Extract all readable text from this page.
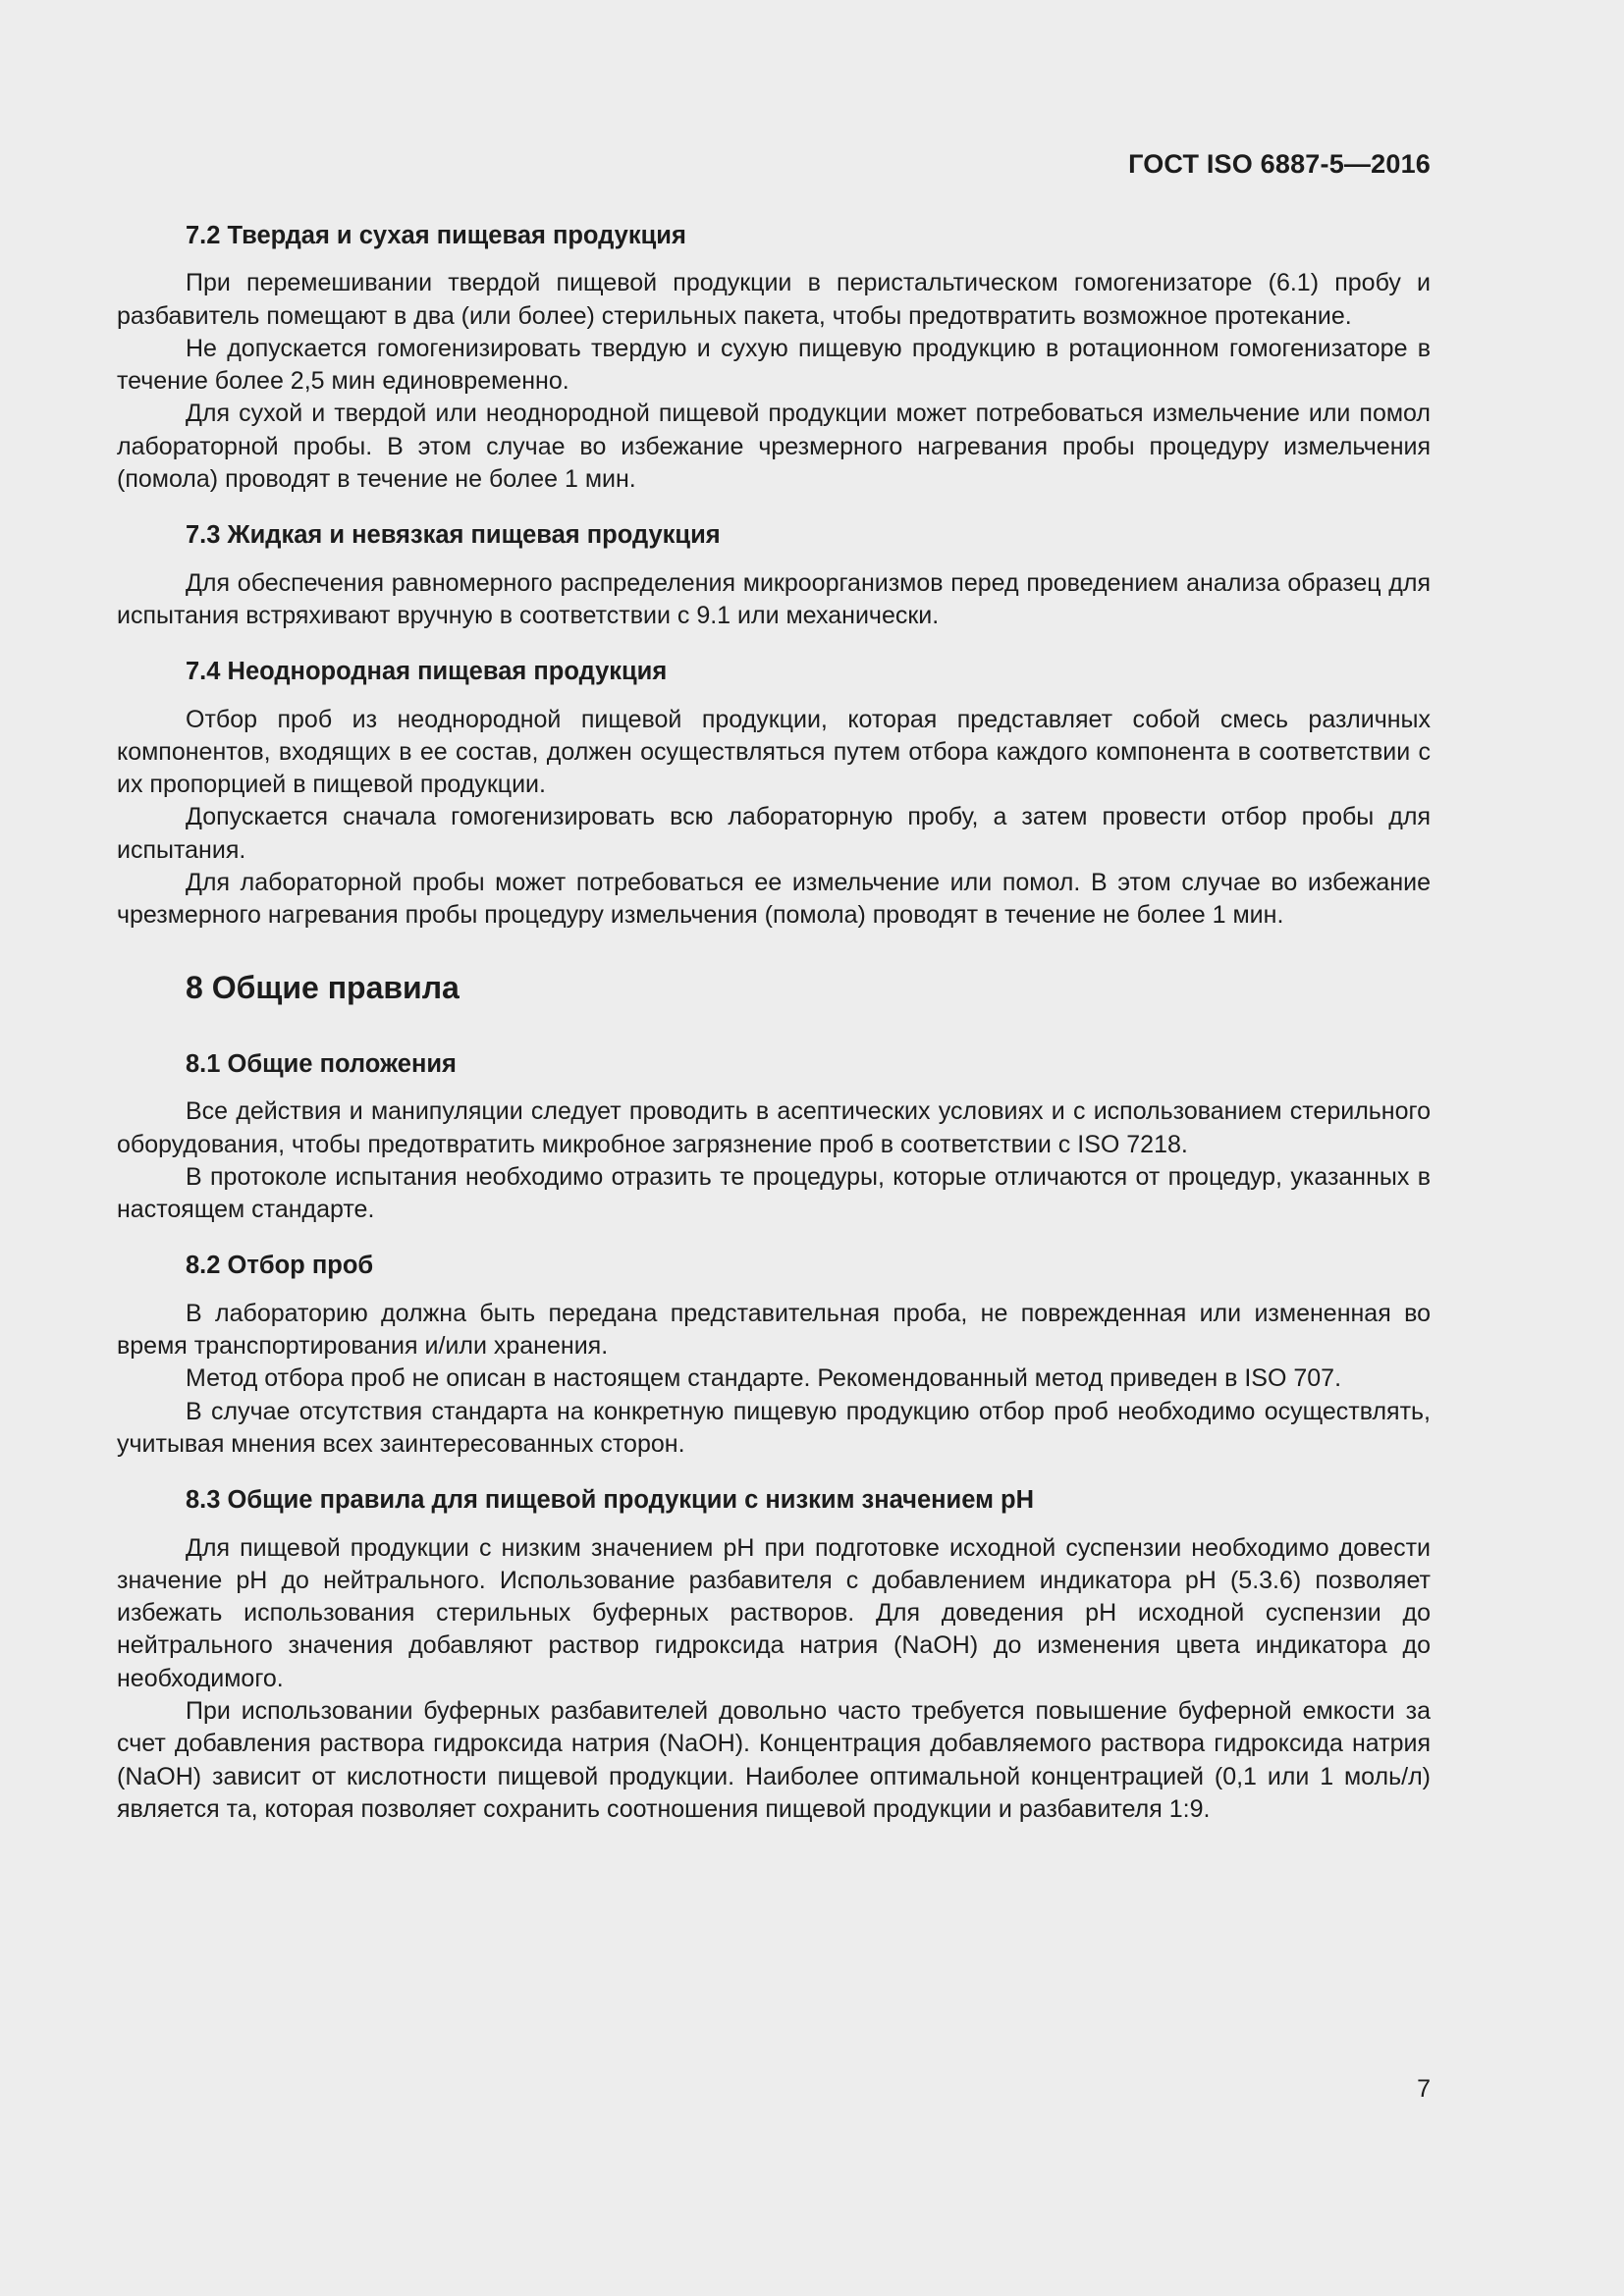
ГОСТ ISO 6887-5—2016
7.2 Твердая и сухая пищевая продукция

При перемешивании твердой пищевой продукции в перистальтическом гомогенизаторе (6.1) пробу и разбавитель помещают в два (или более) стерильных пакета, чтобы предотвратить возможное протекание.

Не допускается гомогенизировать твердую и сухую пищевую продукцию в ротационном гомогенизаторе в течение более 2,5 мин единовременно.

Для сухой и твердой или неоднородной пищевой продукции может потребоваться измельчение или помол лабораторной пробы. В этом случае во избежание чрезмерного нагревания пробы процедуру измельчения (помола) проводят в течение не более 1 мин.

7.3 Жидкая и невязкая пищевая продукция

Для обеспечения равномерного распределения микроорганизмов перед проведением анализа образец для испытания встряхивают вручную в соответствии с 9.1 или механически.

7.4 Неоднородная пищевая продукция

Отбор проб из неоднородной пищевой продукции, которая представляет собой смесь различных компонентов, входящих в ее состав, должен осуществляться путем отбора каждого компонента в соответствии с их пропорцией в пищевой продукции.

Допускается сначала гомогенизировать всю лабораторную пробу, а затем провести отбор пробы для испытания.

Для лабораторной пробы может потребоваться ее измельчение или помол. В этом случае во избежание чрезмерного нагревания пробы процедуру измельчения (помола) проводят в течение не более 1 мин.

8 Общие правила
8.1 Общие положения

Все действия и манипуляции следует проводить в асептических условиях и с использованием стерильного оборудования, чтобы предотвратить микробное загрязнение проб в соответствии с ISO 7218.

В протоколе испытания необходимо отразить те процедуры, которые отличаются от процедур, указанных в настоящем стандарте.

8.2 Отбор проб

В лабораторию должна быть передана представительная проба, не поврежденная или измененная во время транспортирования и/или хранения.

Метод отбора проб не описан в настоящем стандарте. Рекомендованный метод приведен в ISO 707.

В случае отсутствия стандарта на конкретную пищевую продукцию отбор проб необходимо осуществлять, учитывая мнения всех заинтересованных сторон.

8.3 Общие правила для пищевой продукции с низким значением pH

Для пищевой продукции с низким значением pH при подготовке исходной суспензии необходимо довести значение pH до нейтрального. Использование разбавителя с добавлением индикатора pH (5.3.6) позволяет избежать использования стерильных буферных растворов. Для доведения pH исходной суспензии до нейтрального значения добавляют раствор гидроксида натрия (NaOH) до изменения цвета индикатора до необходимого.

При использовании буферных разбавителей довольно часто требуется повышение буферной емкости за счет добавления раствора гидроксида натрия (NaOH). Концентрация добавляемого раствора гидроксида натрия (NaOH) зависит от кислотности пищевой продукции. Наиболее оптимальной концентрацией (0,1 или 1 моль/л) является та, которая позволяет сохранить соотношения пищевой продукции и разбавителя 1:9.

7
